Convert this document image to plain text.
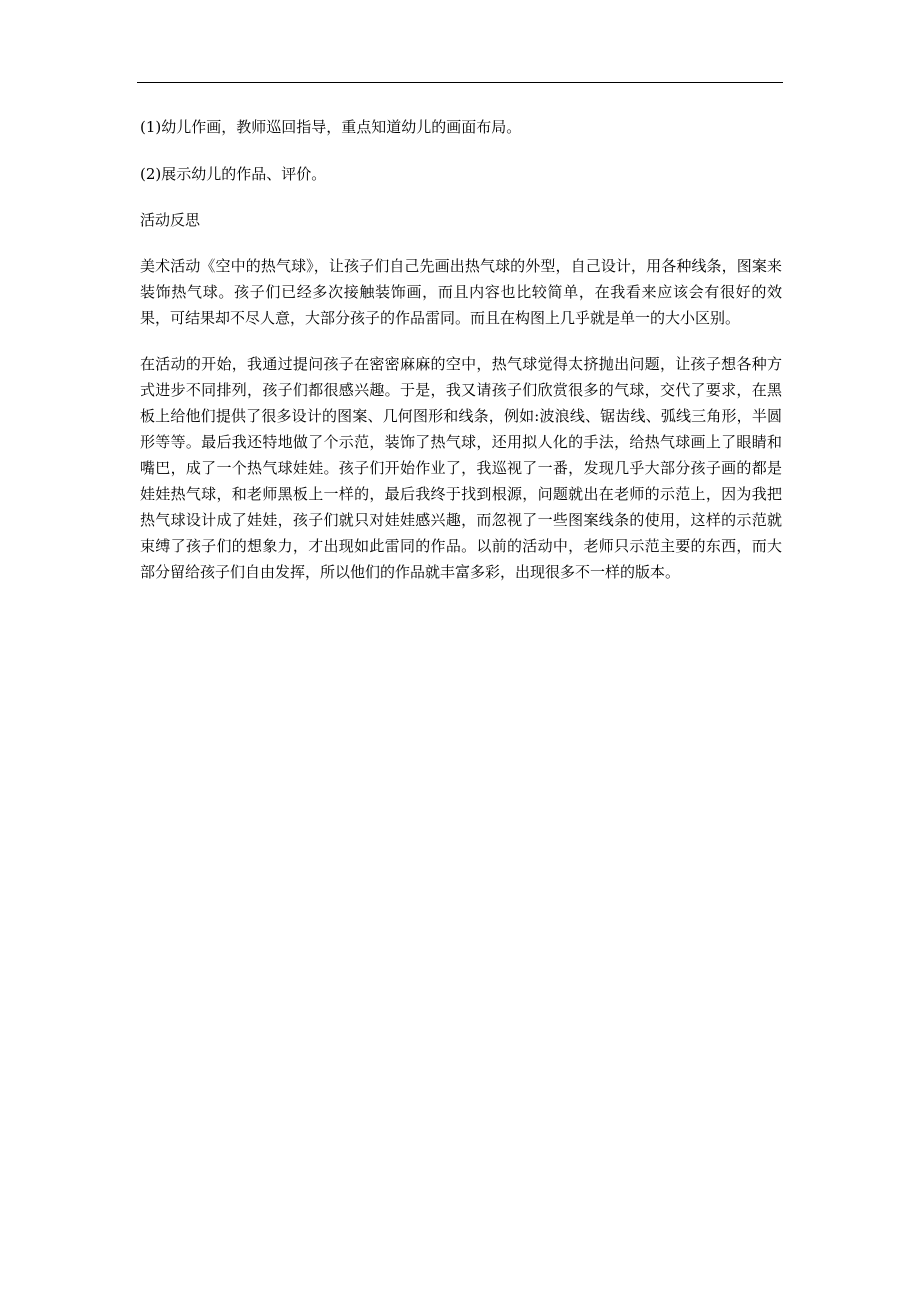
(1)幼儿作画，教师巡回指导，重点知道幼儿的画面布局。

(2)展示幼儿的作品、评价。

活动反思

美术活动《空中的热气球》，让孩子们自己先画出热气球的外型，自己设计，用各种线条，图案来装饰热气球。孩子们已经多次接触装饰画，而且内容也比较简单，在我看来应该会有很好的效果，可结果却不尽人意，大部分孩子的作品雷同。而且在构图上几乎就是单一的大小区别。

在活动的开始，我通过提问孩子在密密麻麻的空中，热气球觉得太挤抛出问题，让孩子想各种方式进步不同排列，孩子们都很感兴趣。于是，我又请孩子们欣赏很多的气球，交代了要求，在黑板上给他们提供了很多设计的图案、几何图形和线条，例如:波浪线、锯齿线、弧线三角形，半圆形等等。最后我还特地做了个示范，装饰了热气球，还用拟人化的手法，给热气球画上了眼睛和嘴巴，成了一个热气球娃娃。孩子们开始作业了，我巡视了一番，发现几乎大部分孩子画的都是娃娃热气球，和老师黑板上一样的，最后我终于找到根源，问题就出在老师的示范上，因为我把热气球设计成了娃娃，孩子们就只对娃娃感兴趣，而忽视了一些图案线条的使用，这样的示范就束缚了孩子们的想象力，才出现如此雷同的作品。以前的活动中，老师只示范主要的东西，而大部分留给孩子们自由发挥，所以他们的作品就丰富多彩，出现很多不一样的版本。
